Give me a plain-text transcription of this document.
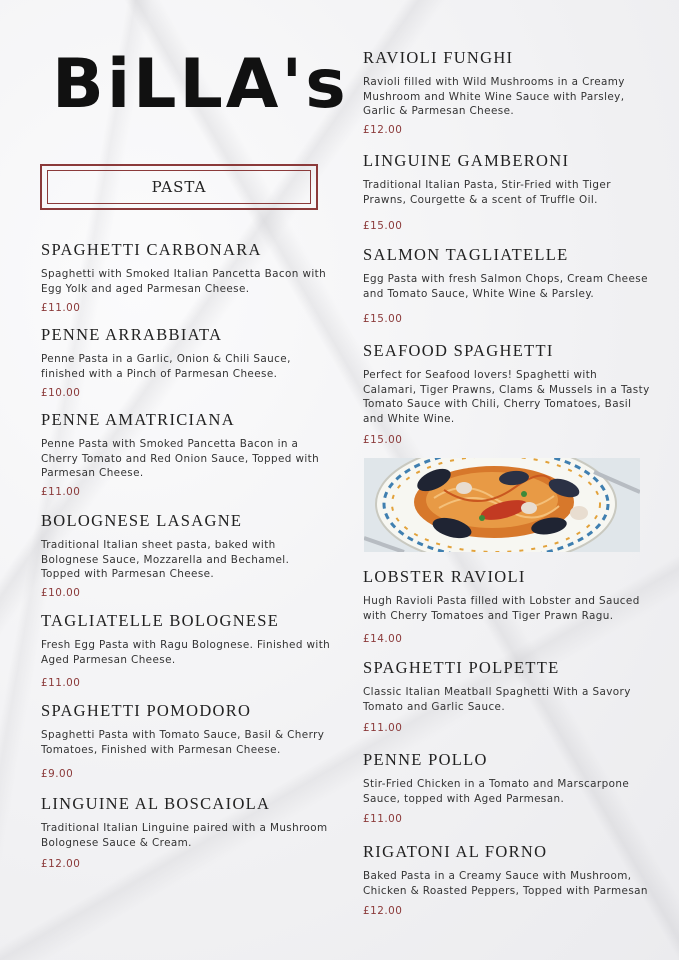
BiLLA's
PASTA
SPAGHETTI CARBONARA
Spaghetti with Smoked Italian Pancetta Bacon with Egg Yolk and aged Parmesan Cheese.
£11.00
PENNE ARRABBIATA
Penne Pasta in a Garlic, Onion & Chili Sauce, finished with a Pinch of Parmesan Cheese.
£10.00
PENNE AMATRICIANA
Penne Pasta with Smoked Pancetta Bacon in a Cherry Tomato and Red Onion Sauce, Topped with Parmesan Cheese.
£11.00
BOLOGNESE LASAGNE
Traditional Italian sheet pasta, baked with Bolognese Sauce, Mozzarella and Bechamel. Topped with Parmesan Cheese.
£10.00
TAGLIATELLE BOLOGNESE
Fresh Egg Pasta with Ragu Bolognese. Finished with Aged Parmesan Cheese.
£11.00
SPAGHETTI POMODORO
Spaghetti Pasta with Tomato Sauce, Basil & Cherry Tomatoes, Finished with Parmesan Cheese.
£9.00
LINGUINE AL BOSCAIOLA
Traditional Italian Linguine paired with a Mushroom Bolognese Sauce & Cream.
£12.00
RAVIOLI FUNGHI
Ravioli filled with Wild Mushrooms in a Creamy Mushroom and White Wine Sauce with Parsley, Garlic & Parmesan Cheese.
£12.00
LINGUINE GAMBERONI
Traditional Italian Pasta, Stir-Fried with Tiger Prawns, Courgette & a scent of Truffle Oil.
£15.00
SALMON TAGLIATELLE
Egg Pasta with fresh Salmon Chops, Cream Cheese and Tomato Sauce, White Wine & Parsley.
£15.00
SEAFOOD SPAGHETTI
Perfect for Seafood lovers! Spaghetti with Calamari, Tiger Prawns, Clams & Mussels in a Tasty Tomato Sauce with Chili, Cherry Tomatoes, Basil and White Wine.
£15.00
LOBSTER RAVIOLI
Hugh Ravioli Pasta filled with Lobster and Sauced with Cherry Tomatoes and Tiger Prawn Ragu.
£14.00
SPAGHETTI POLPETTE
Classic Italian Meatball Spaghetti With a Savory Tomato and Garlic Sauce.
£11.00
PENNE POLLO
Stir-Fried Chicken in a Tomato and Marscarpone Sauce, topped with Aged Parmesan.
£11.00
RIGATONI AL FORNO
Baked Pasta in a Creamy Sauce with Mushroom, Chicken & Roasted Peppers, Topped with Parmesan
£12.00
